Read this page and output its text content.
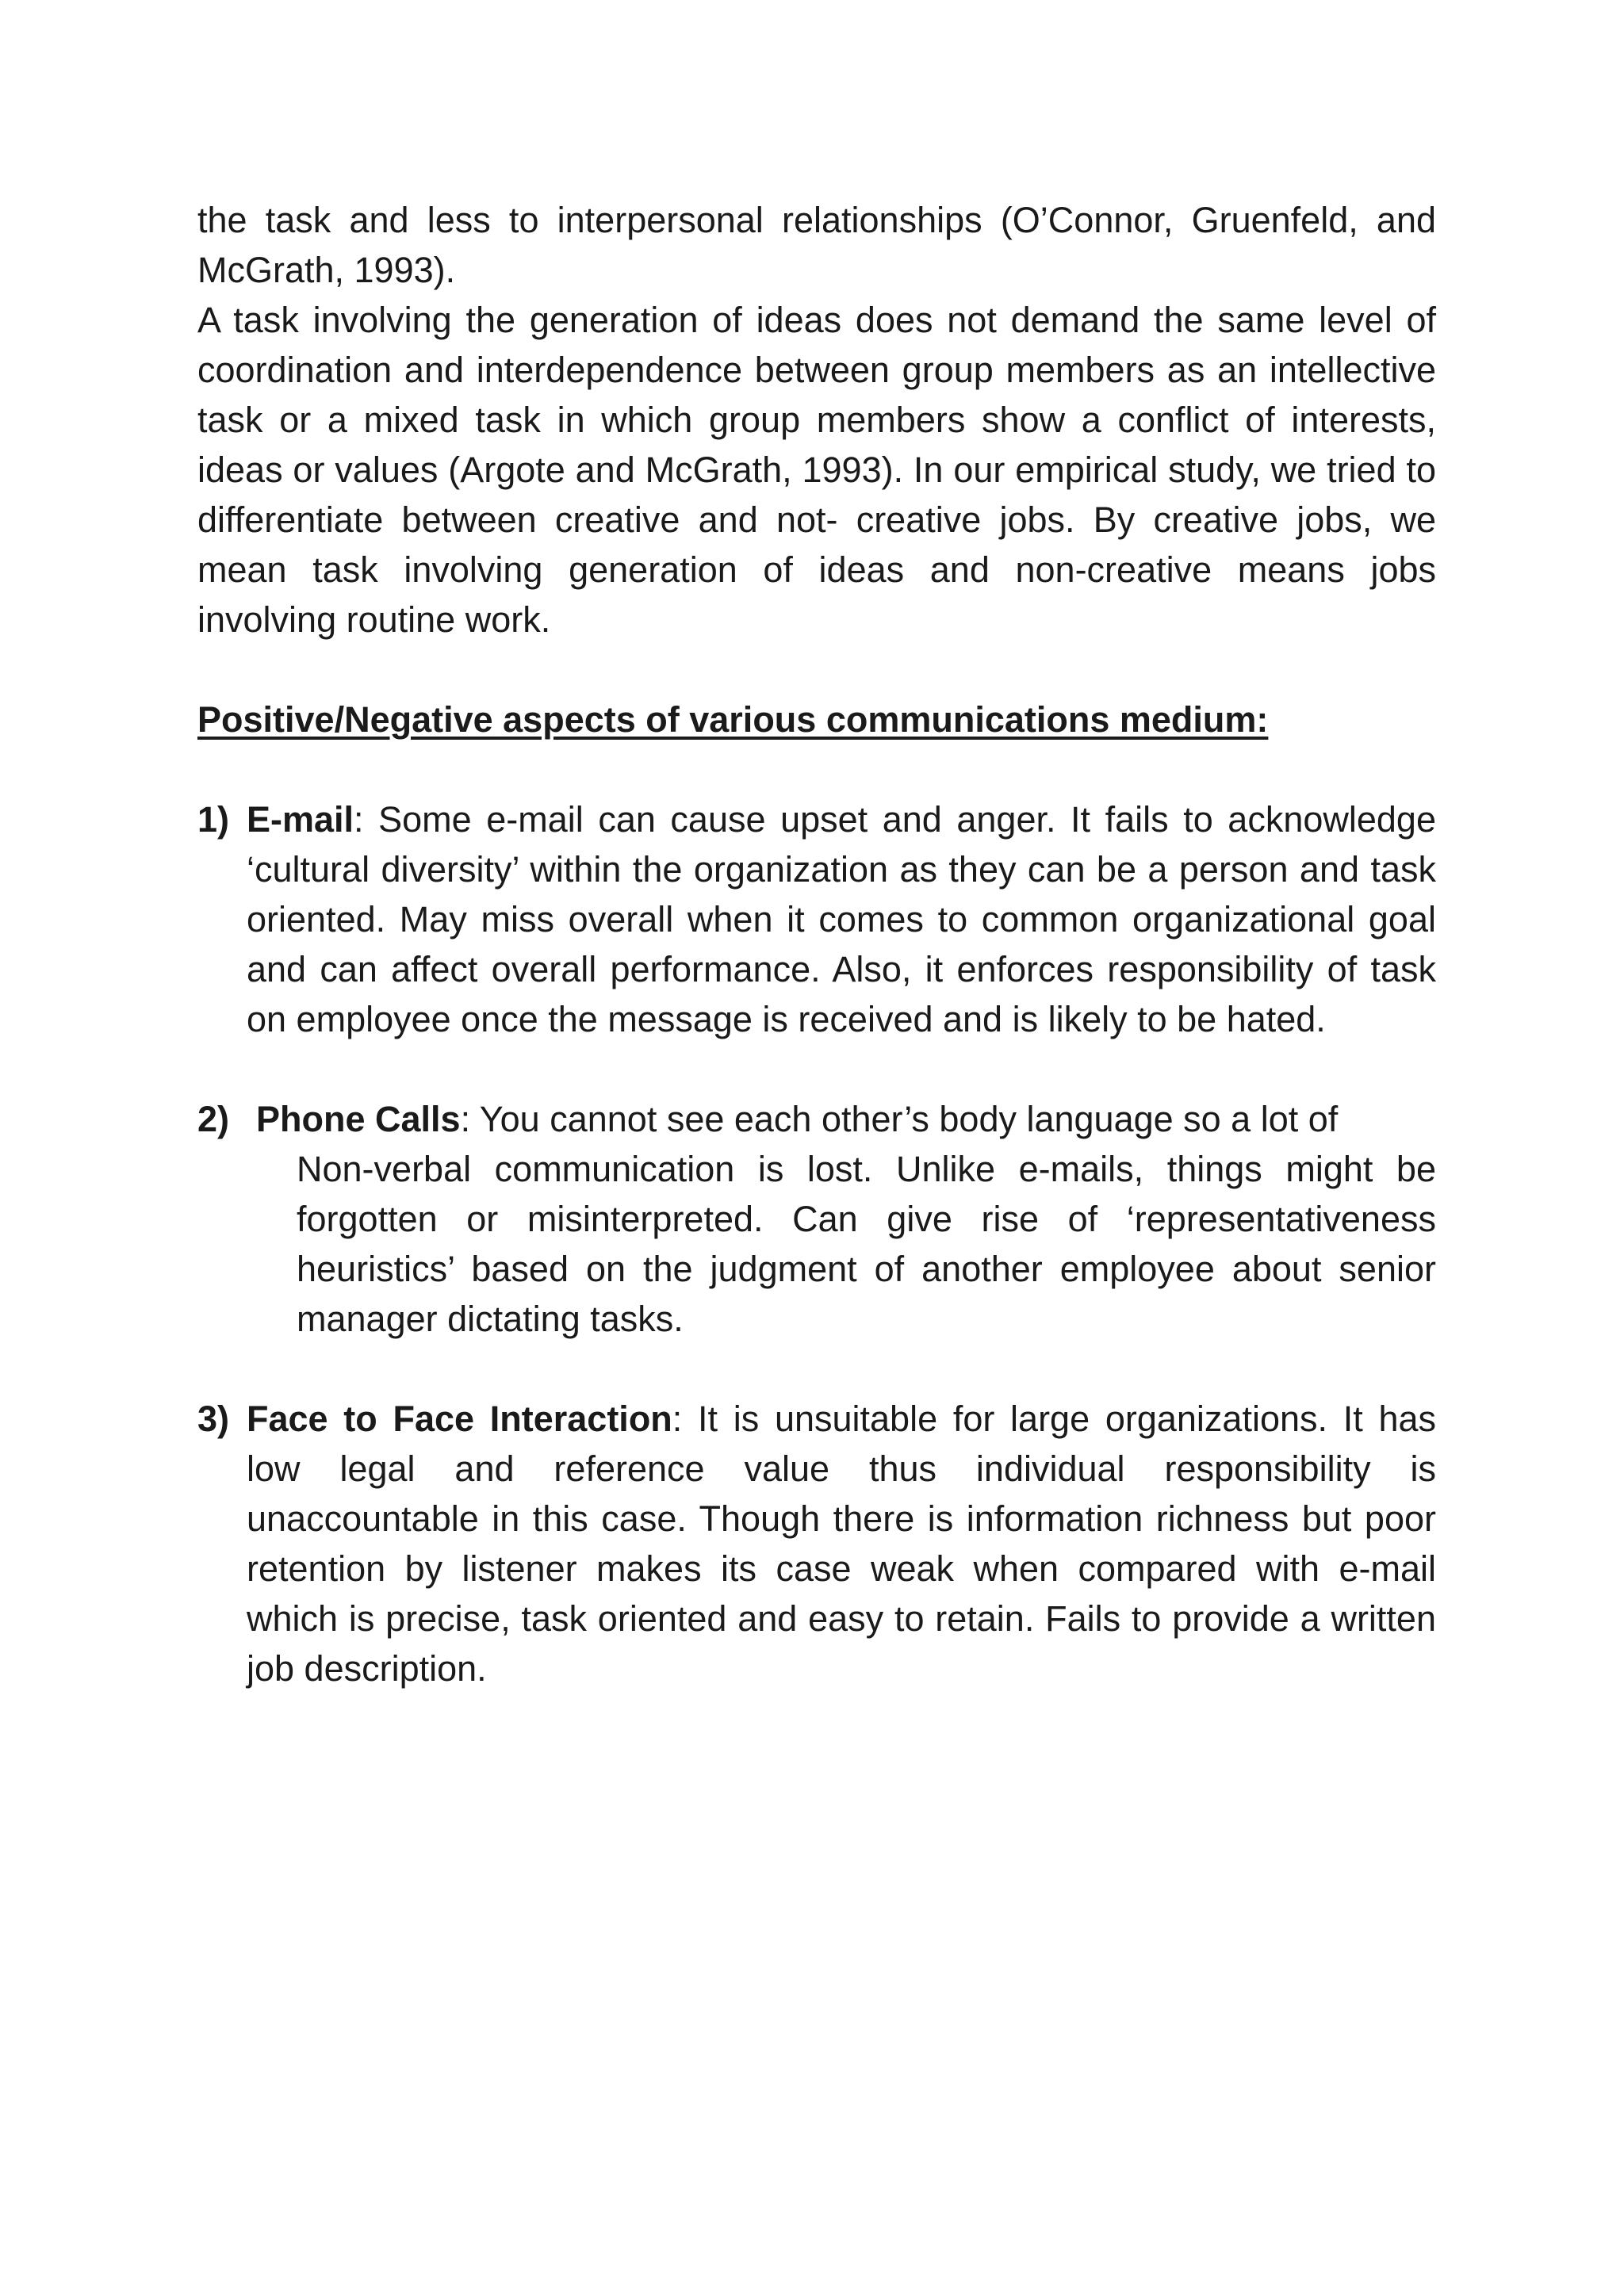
the task and less to interpersonal relationships (O’Connor, Gruenfeld, and McGrath, 1993).

A task involving the generation of ideas does not demand the same level of coordination and interdependence between group members as an intellective task or a mixed task in which group members show a conflict of interests, ideas or values (Argote and McGrath, 1993). In our empirical study, we tried to differentiate between creative and not- creative jobs. By creative jobs, we mean task involving generation of ideas and non-creative means jobs involving routine work.

Positive/Negative aspects of various communications medium:

1) E-mail: Some e-mail can cause upset and anger. It fails to acknowledge ‘cultural diversity’ within the organization as they can be a person and task oriented. May miss overall when it comes to common organizational goal and can affect overall performance. Also, it enforces responsibility of task on employee once the message is received and is likely to be hated.

2) Phone Calls: You cannot see each other’s body language so a lot of
Non-verbal communication is lost. Unlike e-mails, things might be forgotten or misinterpreted. Can give rise of ‘representativeness heuristics’ based on the judgment of another employee about senior manager dictating tasks.

3) Face to Face Interaction: It is unsuitable for large organizations. It has low legal and reference value thus individual responsibility is unaccountable in this case. Though there is information richness but poor retention by listener makes its case weak when compared with e-mail which is precise, task oriented and easy to retain. Fails to provide a written job description.
